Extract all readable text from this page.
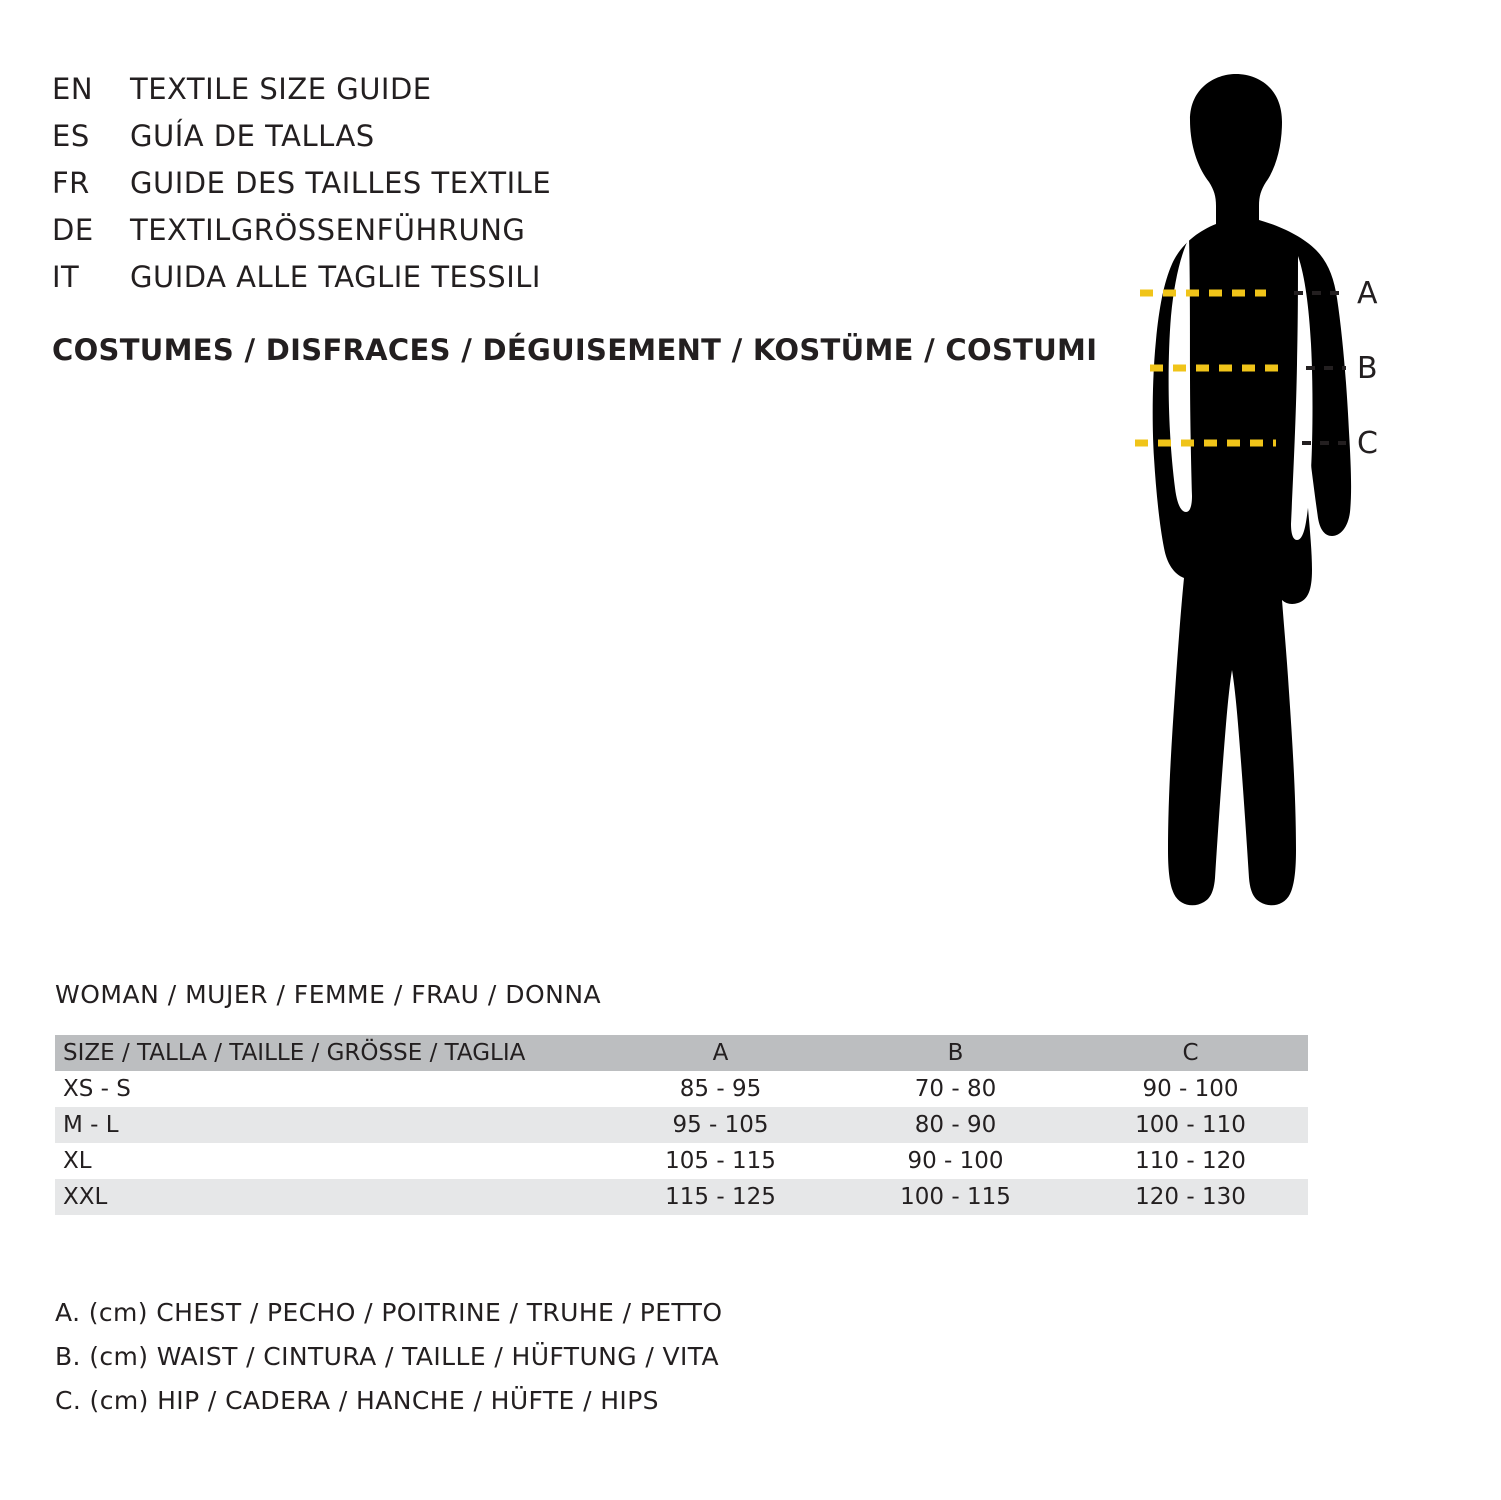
EN	TEXTILE SIZE GUIDE
ES	GUÍA DE TALLAS
FR	GUIDE DES TAILLES TEXTILE
DE	TEXTILGRÖSSENFÜHRUNG
IT	GUIDA ALLE TAGLIE TESSILI
COSTUMES / DISFRACES / DÉGUISEMENT / KOSTÜME / COSTUMI
A
B
C
WOMAN / MUJER / FEMME / FRAU / DONNA
SIZE / TALLA / TAILLE / GRÖSSE / TAGLIA	A	B	C
XS - S	85 - 95	70 - 80	90 - 100
M - L	95 - 105	80 - 90	100 - 110
XL	105 - 115	90 - 100	110 - 120
XXL	115 - 125	100 - 115	120 - 130
A. (cm) CHEST / PECHO / POITRINE / TRUHE / PETTO
B. (cm) WAIST / CINTURA / TAILLE / HÜFTUNG / VITA
C. (cm) HIP / CADERA / HANCHE / HÜFTE / HIPS
